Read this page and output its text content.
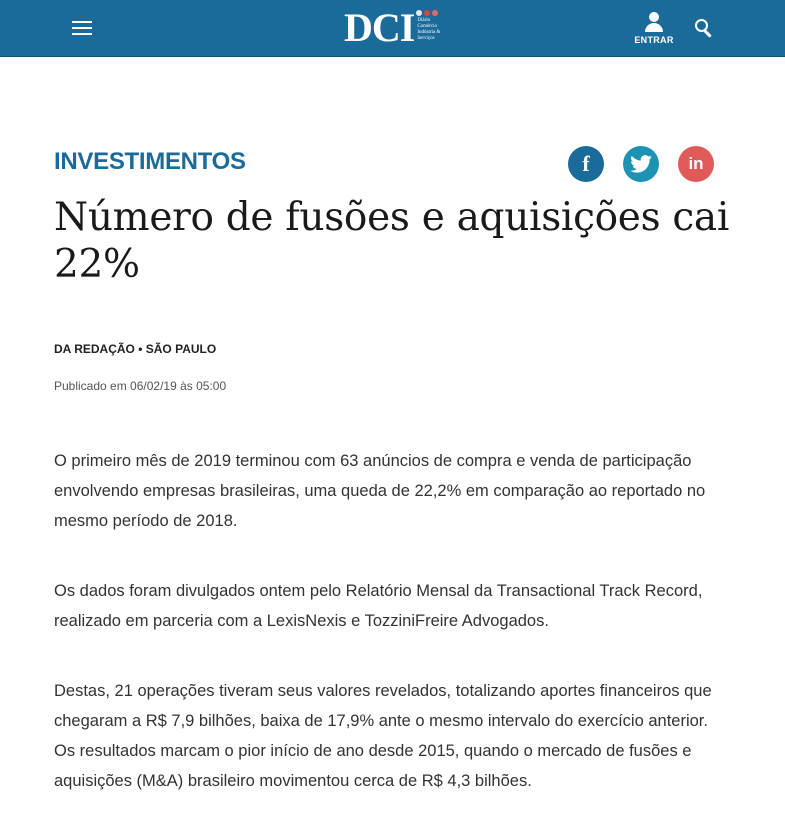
DCI Diário Comércio Indústria & Serviços	ENTRAR
INVESTIMENTOS	f	in
Número de fusões e aquisições cai 22%
DA REDAÇÃO • SÃO PAULO
Publicado em 06/02/19 às 05:00

O primeiro mês de 2019 terminou com 63 anúncios de compra e venda de participação envolvendo empresas brasileiras, uma queda de 22,2% em comparação ao reportado no mesmo período de 2018.

Os dados foram divulgados ontem pelo Relatório Mensal da Transactional Track Record, realizado em parceria com a LexisNexis e TozziniFreire Advogados.

Destas, 21 operações tiveram seus valores revelados, totalizando aportes financeiros que chegaram a R$ 7,9 bilhões, baixa de 17,9% ante o mesmo intervalo do exercício anterior. Os resultados marcam o pior início de ano desde 2015, quando o mercado de fusões e aquisições (M&A) brasileiro movimentou cerca de R$ 4,3 bilhões.
